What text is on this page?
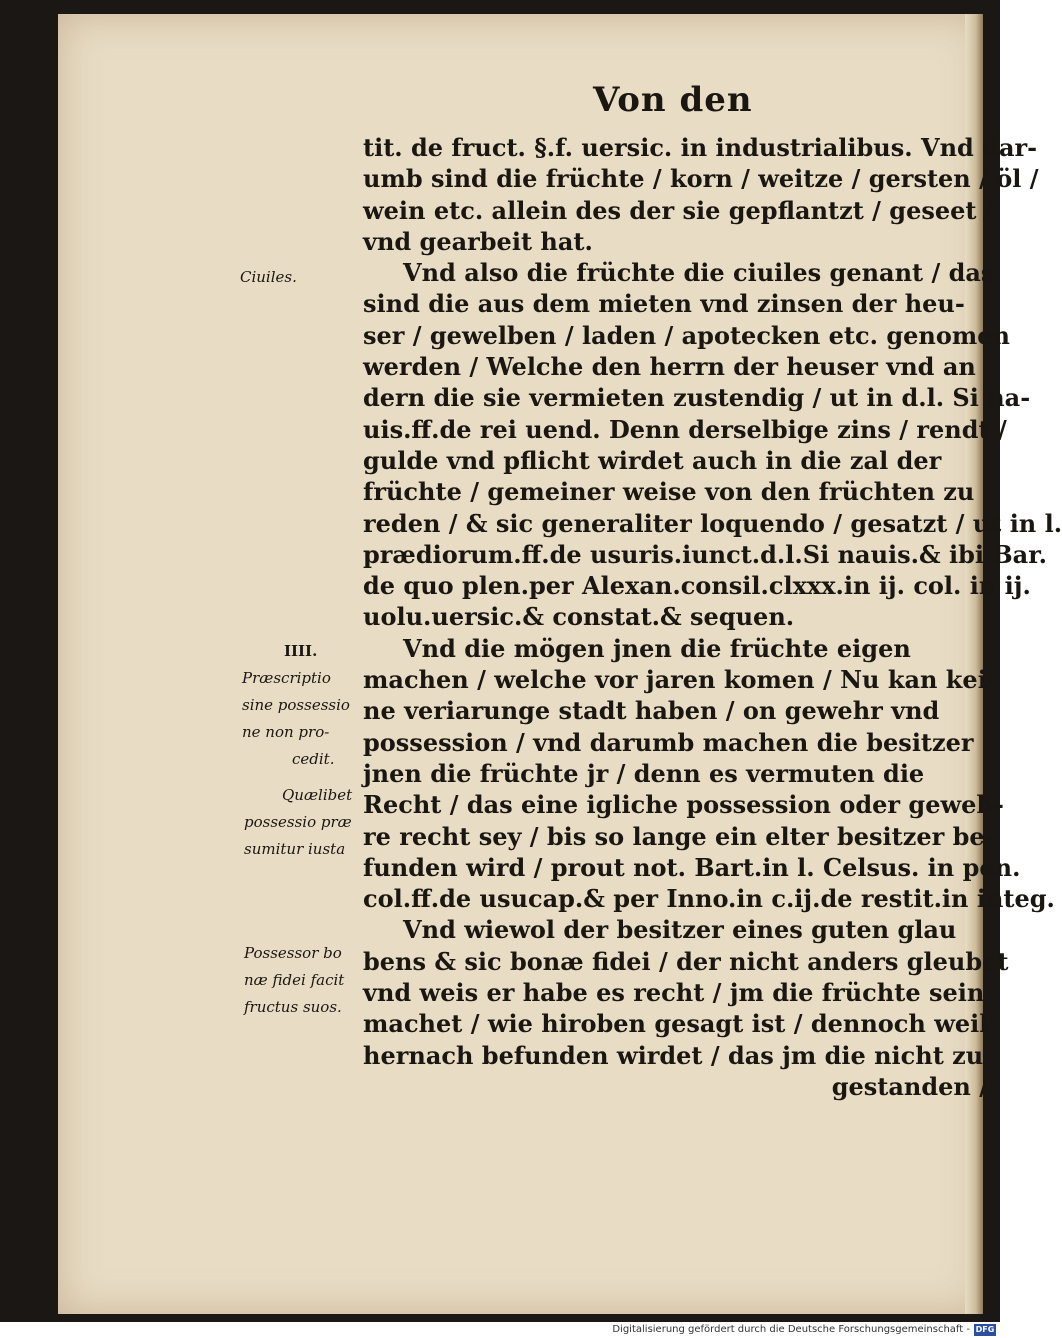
Von den
tit. de fruct. §.f. uersic. in industrialibus. Vnd dar-
umb sind die früchte / korn / weitze / gersten / öl /
wein etc. allein des der sie gepflantzt / geseet /
vnd gearbeit hat.
Vnd also die früchte die ciuiles genant / das
sind die aus dem mieten vnd zinsen der heu-
ser / gewelben / laden / apotecken etc. genomen
werden / Welche den herrn der heuser vnd an
dern die sie vermieten zustendig / ut in d.l. Si na-
uis.ff.de rei uend. Denn derselbige zins / rendt /
gulde vnd pflicht wirdet auch in die zal der
früchte / gemeiner weise von den früchten zu
reden / & sic generaliter loquendo / gesatzt / ut in l.
prædiorum.ff.de usuris.iunct.d.l.Si nauis.& ibi Bar.
de quo plen.per Alexan.consil.clxxx.in ij. col. in ij.
uolu.uersic.& constat.& sequen.
Vnd die mögen jnen die früchte eigen
machen / welche vor jaren komen / Nu kan kei-
ne veriarunge stadt haben / on gewehr vnd
possession / vnd darumb machen die besitzer
jnen die früchte jr / denn es vermuten die
Recht / das eine igliche possession oder geweh-
re recht sey / bis so lange ein elter besitzer be-
funden wird / prout not. Bart.in l. Celsus. in pen.
col.ff.de usucap.& per Inno.in c.ij.de restit.in integ.
Vnd wiewol der besitzer eines guten glau
bens & sic bonæ fidei / der nicht anders gleubet
vnd weis er habe es recht / jm die früchte sein
machet / wie hiroben gesagt ist / dennoch weil
hernach befunden wirdet / das jm die nicht zu
gestanden /
Ciuiles.
IIII.
Præscriptio
sine possessio
ne non pro-
cedit.
Quælibet
possessio præ
sumitur iusta
Possessor bo
næ fidei facit
fructus suos.
Digitalisierung gefördert durch die Deutsche Forschungsgemeinschaft - DFG
